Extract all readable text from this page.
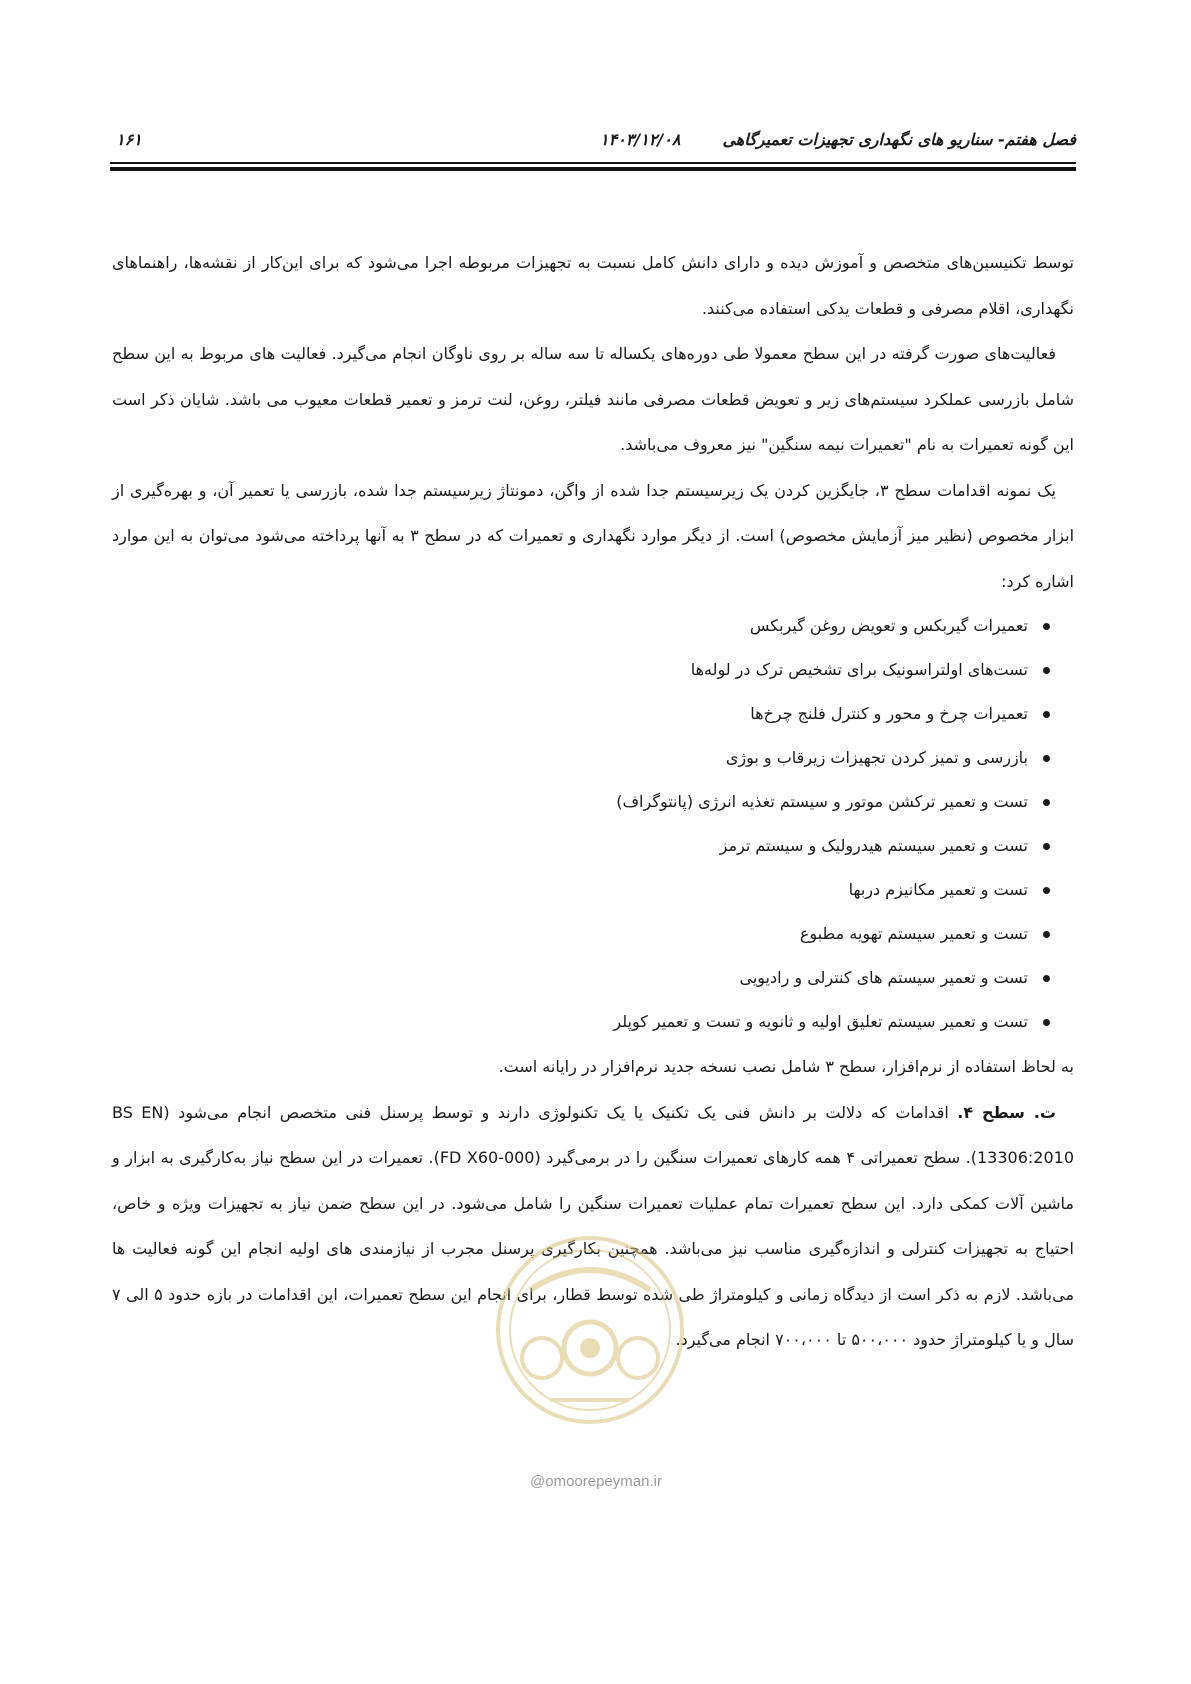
۱۶۱	۱۴۰۳/۱۲/۰۸	فصل هفتم- سناریو های نگهداری تجهیزات تعمیرگاهی

توسط تکنیسین‌های متخصص و آموزش دیده و دارای دانش کامل نسبت به تجهیزات مربوطه اجرا می‌شود که برای این‌کار از نقشه‌ها، راهنماهای نگهداری، اقلام مصرفی و قطعات یدکی استفاده می‌کنند.

فعالیت‌های صورت گرفته در این سطح معمولا طی دوره‌های یکساله تا سه ساله بر روی ناوگان انجام می‌گیرد. فعالیت های مربوط به این سطح شامل بازرسی عملکرد سیستم‌های زیر و تعویض قطعات مصرفی مانند فیلتر، روغن، لنت ترمز و تعمیر قطعات معیوب می باشد. شایان ذکر است این گونه تعمیرات به نام "تعمیرات نیمه سنگین" نیز معروف می‌باشد.

یک نمونه اقدامات سطح ۳، جایگزین کردن یک زیرسیستم جدا شده از واگن، دمونتاژ زیرسیستم جدا شده، بازرسی یا تعمیر آن، و بهره‌گیری از ابزار مخصوص (نظیر میز آزمایش مخصوص) است. از دیگر موارد نگهداری و تعمیرات که در سطح ۳ به آنها پرداخته می‌شود می‌توان به این موارد اشاره کرد:

تعمیرات گیربکس و تعویض روغن گیربکس
تست‌های اولتراسونیک برای تشخیص ترک در لوله‌ها
تعمیرات چرخ و محور و کنترل فلنج چرخ‌ها
بازرسی و تمیز کردن تجهیزات زیرقاب و بوژی
تست و تعمیر ترکشن موتور و سیستم تغذیه انرژی (پانتوگراف)
تست و تعمیر سیستم هیدرولیک و سیستم ترمز
تست و تعمیر مکانیزم دربها
تست و تعمیر سیستم تهویه مطبوع
تست و تعمیر سیستم های کنترلی و رادیویی
تست و تعمیر سیستم تعلیق اولیه و ثانویه و تست و تعمیر کوپلر

به لحاظ استفاده از نرم‌افزار، سطح ۳ شامل نصب نسخه جدید نرم‌افزار در رایانه است.

ت. سطح ۴. اقدامات که دلالت بر دانش فنی یک تکنیک یا یک تکنولوژی دارند و توسط پرسنل فنی متخصص انجام می‌شود (BS EN 13306:2010). سطح تعمیراتی ۴ همه کارهای تعمیرات سنگین را در برمی‌گیرد (FD X60-000). تعمیرات در این سطح نیاز به‌کارگیری به ابزار و ماشین آلات کمکی دارد. این سطح تعمیرات تمام عملیات تعمیرات سنگین را شامل می‌شود. در این سطح ضمن نیاز به تجهیزات ویژه و خاص، احتیاج به تجهیزات کنترلی و اندازه‌گیری مناسب نیز می‌باشد. همچنین بکارگیری پرسنل مجرب از نیازمندی های اولیه انجام این گونه فعالیت ها می‌باشد. لازم به ذکر است از دیدگاه زمانی و کیلومتراژ طی شده توسط قطار، برای انجام این سطح تعمیرات، این اقدامات در بازه حدود ۵ الی ۷ سال و یا کیلومتراژ حدود ۵۰۰،۰۰۰ تا ۷۰۰،۰۰۰ انجام می‌گیرد.

@omoorepeyman.ir
